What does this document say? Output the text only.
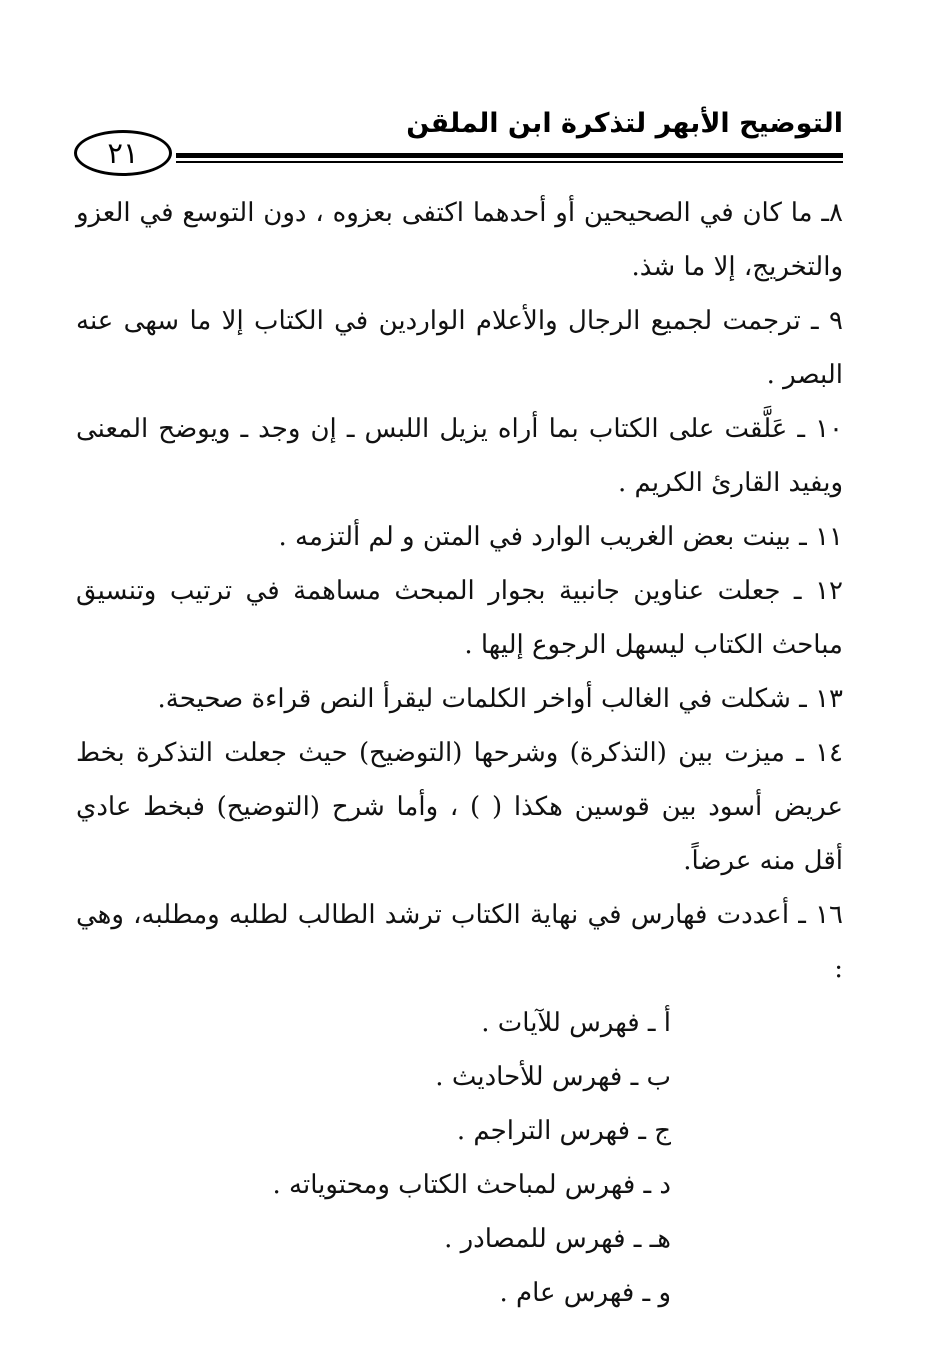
التوضيح الأبهر لتذكرة ابن الملقن
٢١

٨ـ ما كان في الصحيحين أو أحدهما اكتفى بعزوه ، دون التوسع في العزو والتخريج، إلا ما شذ.

٩ ـ ترجمت لجميع الرجال والأعلام الواردين في الكتاب إلا ما سهى عنه البصر .

١٠ ـ عَلَّقت على الكتاب بما أراه يزيل اللبس ـ إن وجد ـ ويوضح المعنى ويفيد القارئ الكريم .

١١ ـ بينت بعض الغريب الوارد في المتن و لم ألتزمه .

١٢ ـ جعلت عناوين جانبية بجوار المبحث مساهمة في ترتيب وتنسيق مباحث الكتاب ليسهل الرجوع إليها .

١٣ ـ شكلت في الغالب أواخر الكلمات ليقرأ النص قراءة صحيحة.

١٤ ـ ميزت بين (التذكرة) وشرحها (التوضيح) حيث جعلت التذكرة بخط عريض أسود بين قوسين هكذا ( ) ، وأما شرح (التوضيح) فبخط عادي أقل منه عرضاً.

١٦ ـ أعددت فهارس في نهاية الكتاب ترشد الطالب لطلبه ومطلبه، وهي :

أ ـ فهرس للآيات .
ب ـ فهرس للأحاديث .
ج ـ فهرس التراجم .
د ـ فهرس لمباحث الكتاب ومحتوياته .
هـ ـ فهرس للمصادر .
و ـ فهرس عام .
